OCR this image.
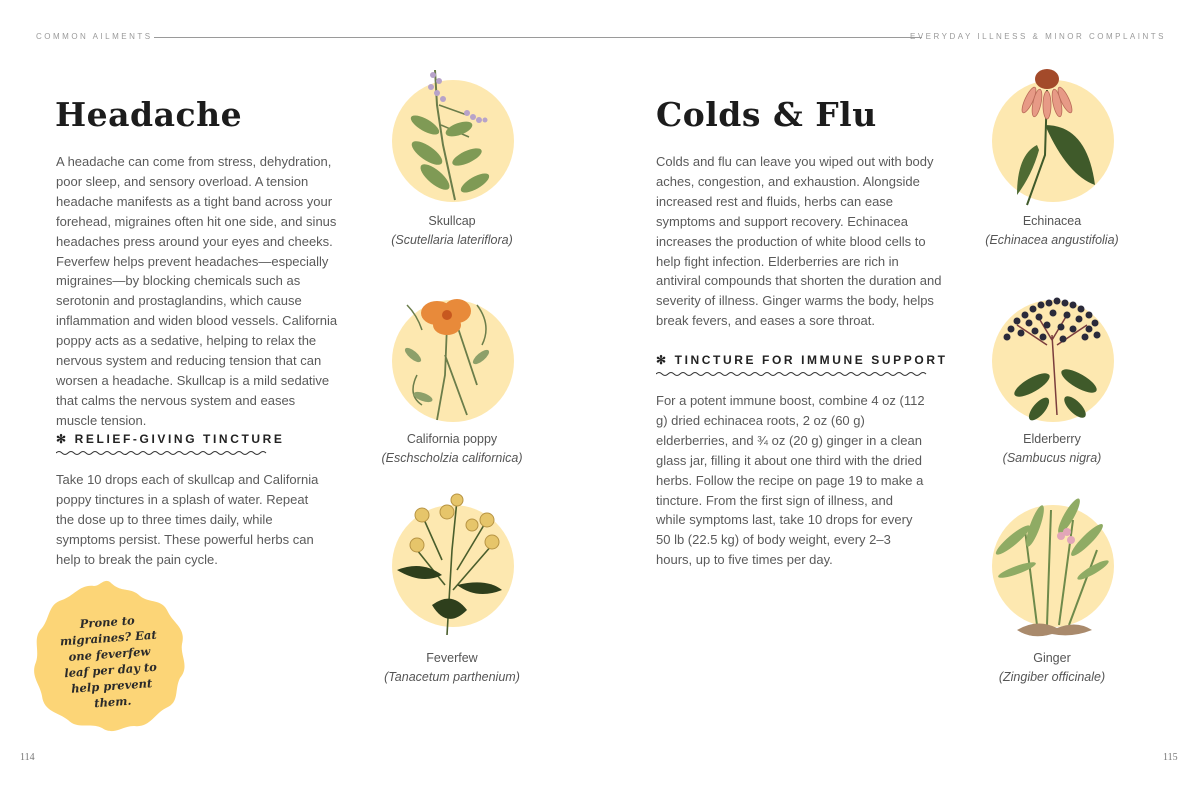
COMMON AILMENTS	EVERYDAY ILLNESS & MINOR COMPLAINTS
Headache

A headache can come from stress, dehydration, poor sleep, and sensory overload. A tension headache manifests as a tight band across your forehead, migraines often hit one side, and sinus headaches press around your eyes and cheeks. Feverfew helps prevent headaches—especially migraines—by blocking chemicals such as serotonin and prostaglandins, which cause inflammation and widen blood vessels. California poppy acts as a sedative, helping to relax the nervous system and reducing tension that can worsen a headache. Skullcap is a mild sedative that calms the nervous system and eases muscle tension.

✻ RELIEF-GIVING TINCTURE

Take 10 drops each of skullcap and California poppy tinctures in a splash of water. Repeat the dose up to three times daily, while symptoms persist. These powerful herbs can help to break the pain cycle.

Prone to migraines? Eat one feverfew leaf per day to help prevent them.
Skullcap
(Scutellaria lateriflora)
California poppy
(Eschscholzia californica)
Feverfew
(Tanacetum parthenium)
114
Colds & Flu

Colds and flu can leave you wiped out with body aches, congestion, and exhaustion. Alongside increased rest and fluids, herbs can ease symptoms and support recovery. Echinacea increases the production of white blood cells to help fight infection. Elderberries are rich in antiviral compounds that shorten the duration and severity of illness. Ginger warms the body, helps break fevers, and eases a sore throat.

✻ TINCTURE FOR IMMUNE SUPPORT

For a potent immune boost, combine 4 oz (112 g) dried echinacea roots, 2 oz (60 g) elderberries, and ¾ oz (20 g) ginger in a clean glass jar, filling it about one third with the dried herbs. Follow the recipe on page 19 to make a tincture. From the first sign of illness, and while symptoms last, take 10 drops for every 50 lb (22.5 kg) of body weight, every 2–3 hours, up to five times per day.

Echinacea
(Echinacea angustifolia)
Elderberry
(Sambucus nigra)
Ginger
(Zingiber officinale)
115
